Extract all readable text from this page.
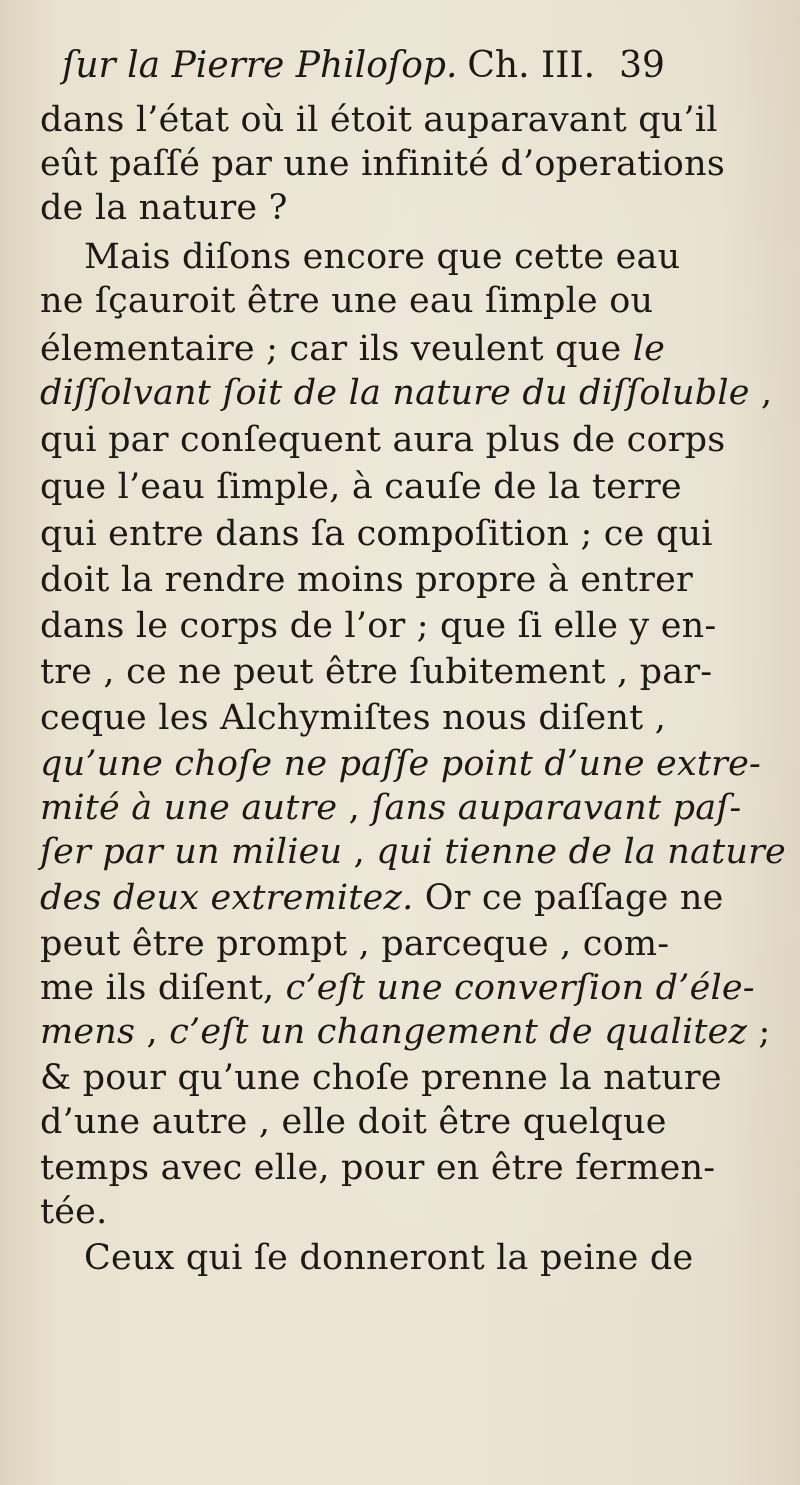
ſur la Pierre Philoſop. Ch. III. 39
dans l’état où il étoit auparavant qu’il
eût paſſé par une infinité d’operations
de la nature ?
Mais diſons encore que cette eau
ne ſçauroit être une eau ſimple ou
élementaire ; car ils veulent que le
diſſolvant ſoit de la nature du diſſoluble ,
qui par conſequent aura plus de corps
que l’eau ſimple, à cauſe de la terre
qui entre dans ſa compoſition ; ce qui
doit la rendre moins propre à entrer
dans le corps de l’or ; que ſi elle y en-
tre , ce ne peut être ſubitement , par-
ceque les Alchymiſtes nous diſent ,
qu’une choſe ne paſſe point d’une extre-
mité à une autre , ſans auparavant paſ-
ſer par un milieu , qui tienne de la nature
des deux extremitez. Or ce paſſage ne
peut être prompt , parceque , com-
me ils diſent, c’eſt une converſion d’éle-
mens , c’eſt un changement de qualitez ;
& pour qu’une choſe prenne la nature
d’une autre , elle doit être quelque
temps avec elle, pour en être fermen-
tée.
Ceux qui ſe donneront la peine de
